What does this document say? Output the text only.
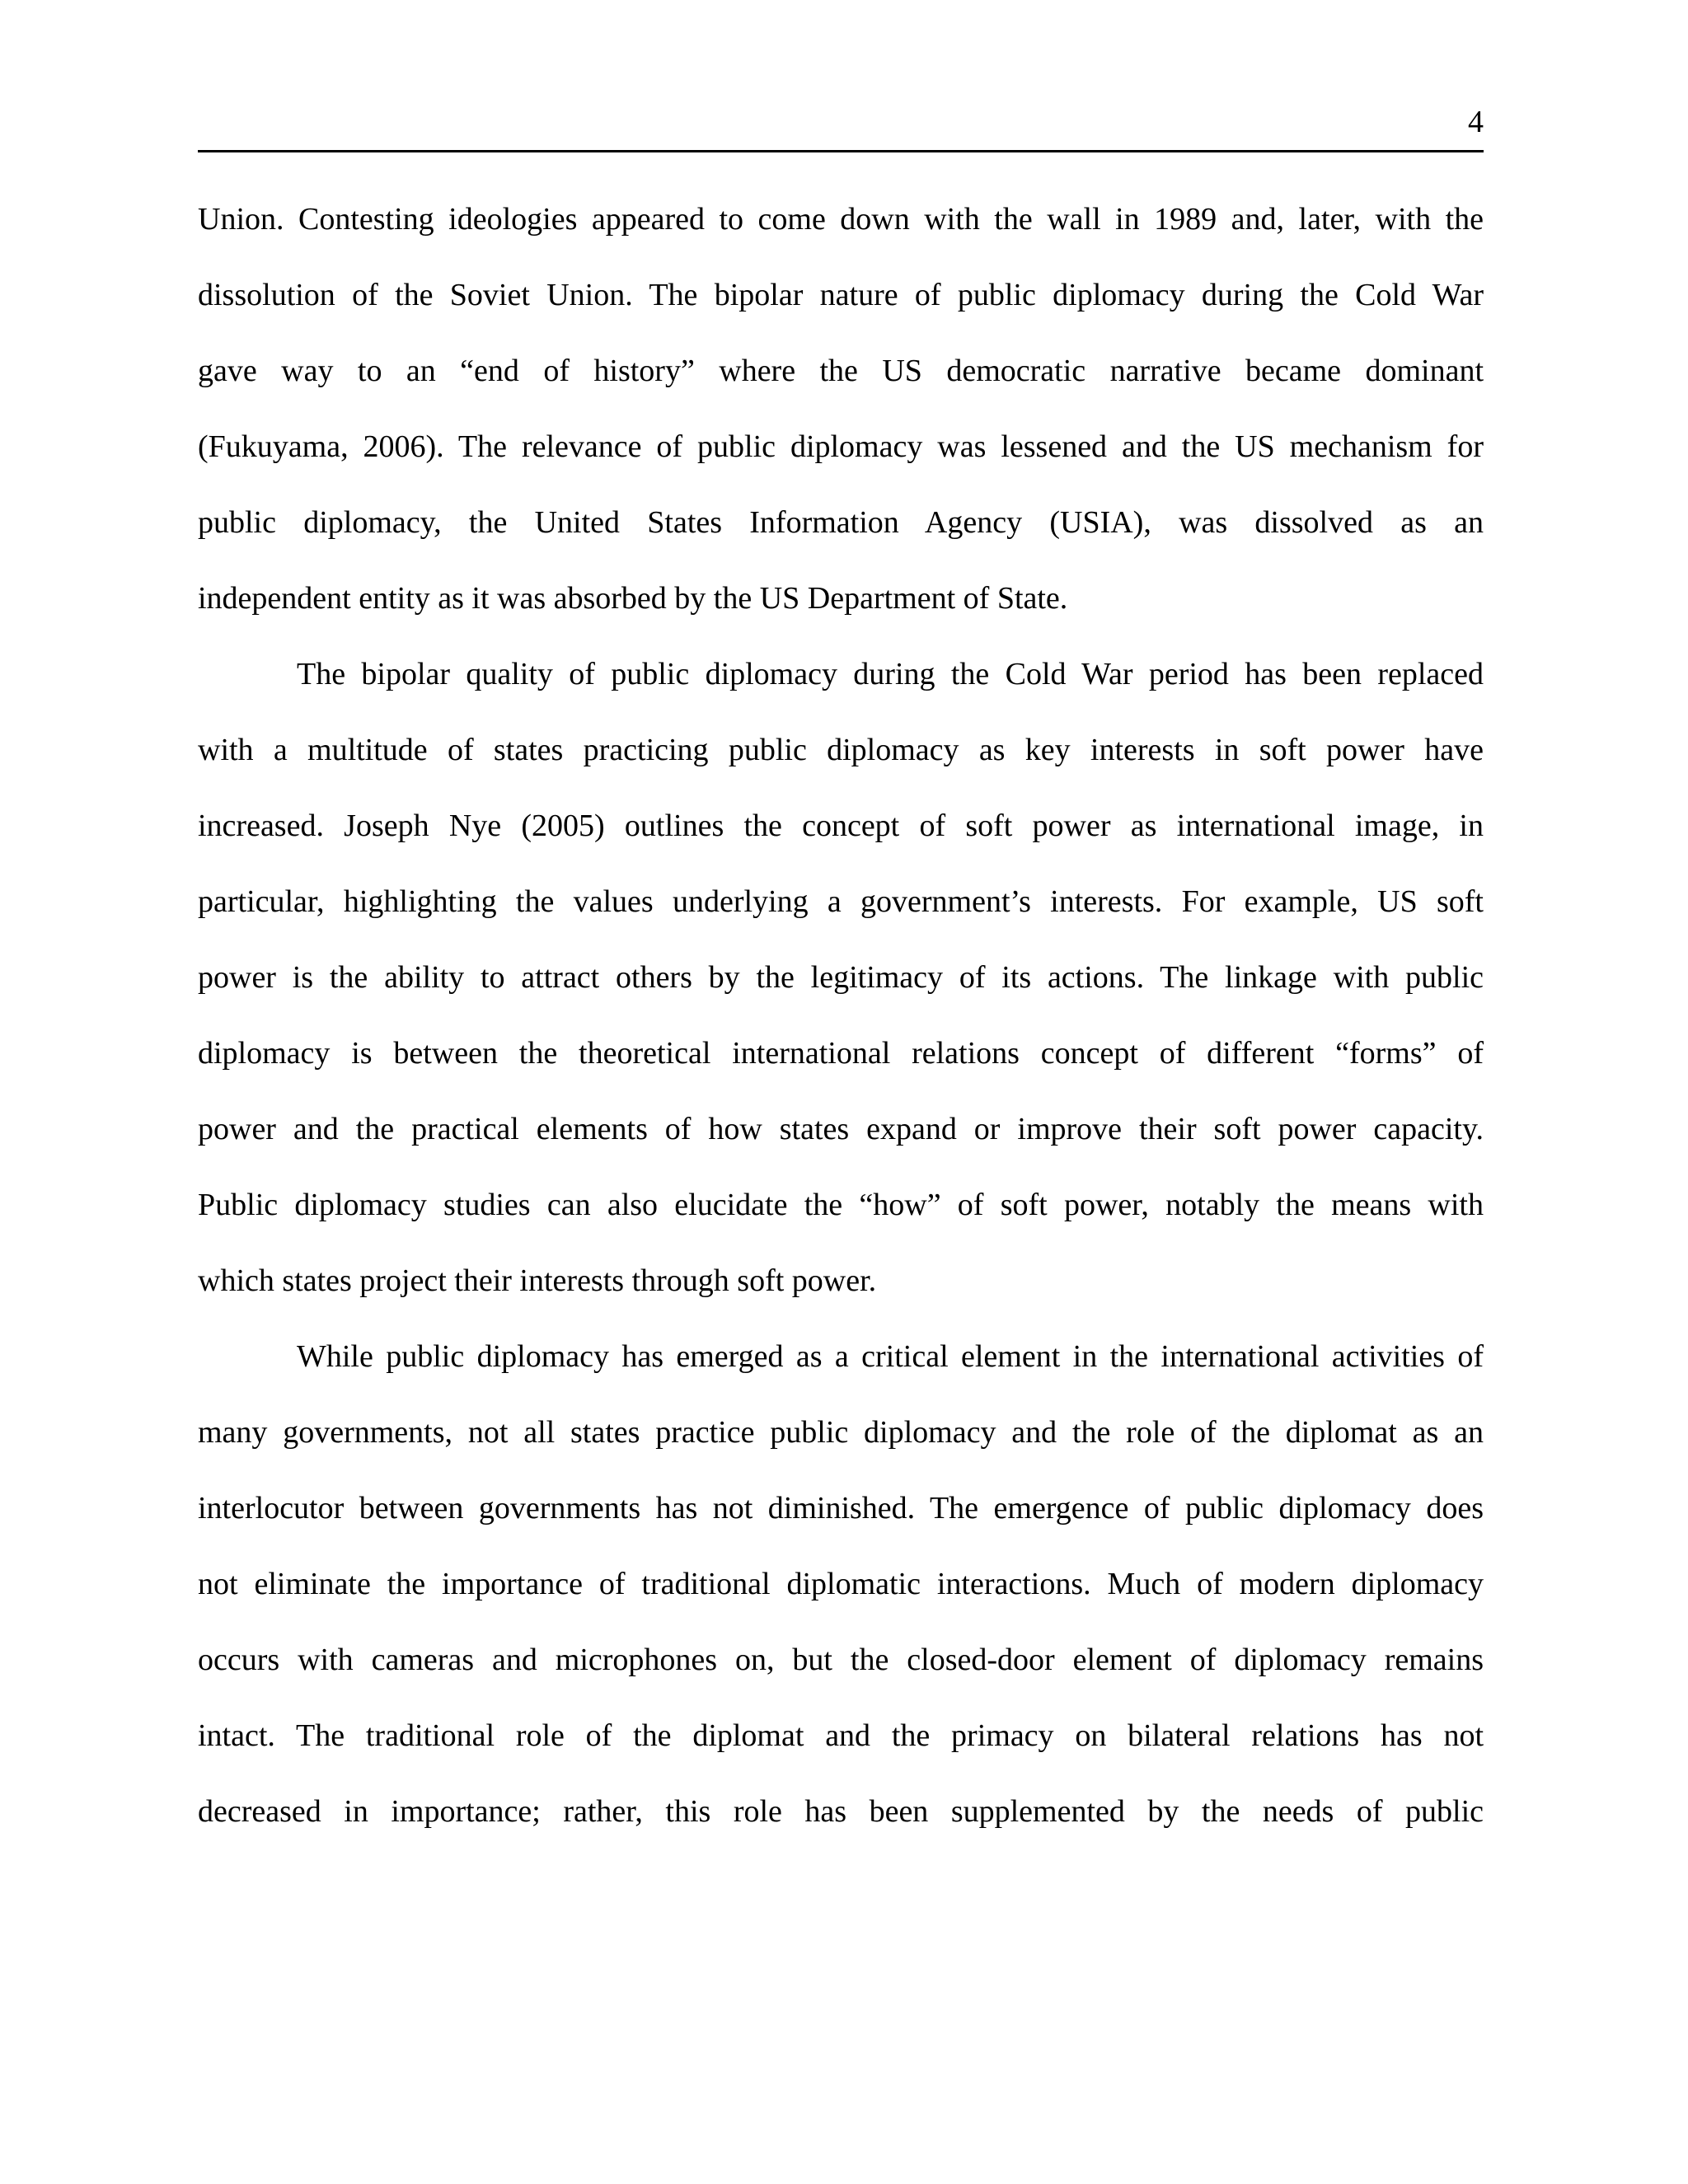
4
Union. Contesting ideologies appeared to come down with the wall in 1989 and, later, with the
dissolution of the Soviet Union. The bipolar nature of public diplomacy during the Cold War
gave way to an “end of history” where the US democratic narrative became dominant
(Fukuyama, 2006). The relevance of public diplomacy was lessened and the US mechanism for
public diplomacy, the United States Information Agency (USIA), was dissolved as an
independent entity as it was absorbed by the US Department of State.
The bipolar quality of public diplomacy during the Cold War period has been replaced
with a multitude of states practicing public diplomacy as key interests in soft power have
increased. Joseph Nye (2005) outlines the concept of soft power as international image, in
particular, highlighting the values underlying a government’s interests. For example, US soft
power is the ability to attract others by the legitimacy of its actions. The linkage with public
diplomacy is between the theoretical international relations concept of different “forms” of
power and the practical elements of how states expand or improve their soft power capacity.
Public diplomacy studies can also elucidate the “how” of soft power, notably the means with
which states project their interests through soft power.
While public diplomacy has emerged as a critical element in the international activities of
many governments, not all states practice public diplomacy and the role of the diplomat as an
interlocutor between governments has not diminished. The emergence of public diplomacy does
not eliminate the importance of traditional diplomatic interactions. Much of modern diplomacy
occurs with cameras and microphones on, but the closed-door element of diplomacy remains
intact. The traditional role of the diplomat and the primacy on bilateral relations has not
decreased in importance; rather, this role has been supplemented by the needs of public
